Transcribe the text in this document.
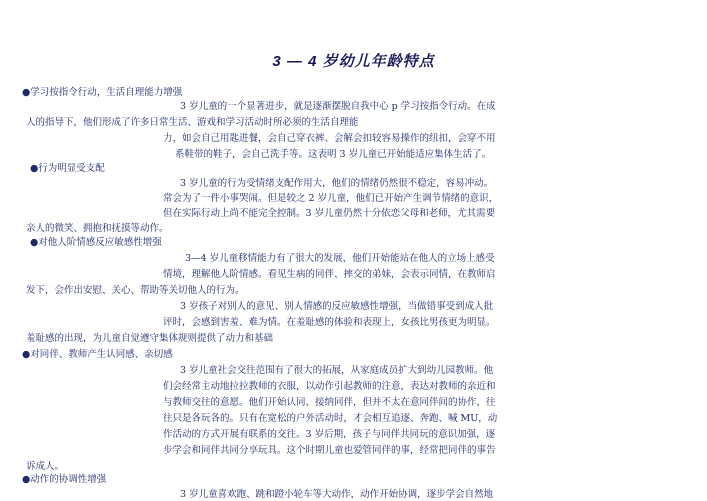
3 — 4 岁幼儿年龄特点
●学习按指令行动，生活自理能力增强
3 岁儿童的一个显著进步，就是逐渐摆脱自我中心 p 学习按指令行动。在成
人的指导下，他们形成了许多日常生活、游戏和学习活动时所必须的生活自理能
力，如会自己用匙进餐，会自己穿衣裤、会解会扣较容易操作的纽扣，会穿不用
系鞋带的鞋子，会自己洗手等。这表明 3 岁儿童已开始能适应集体生活了。
●行为明显受支配
3 岁儿童的行为受情绪支配作用大，他们的情绪仍然很不稳定，容易冲动。
常会为了一件小事哭闹。但是较之 2 岁儿童，他们已开始产生调节情绪的意识，
但在实际行动上尚不能完全控制。3 岁儿童仍然十分依恋父母和老师，尤其需要
亲人的微笑、拥抱和抚摸等动作。
●对他人阶情感反应敏感性增强
3—4 岁儿童移情能力有了很大的发展，他们开始能站在他人的立场上感受
情境，理解他人阶情感。看见生病的同伴、摔交的弟妹，会表示同情，在教师启
发下，会作出安慰、关心、帮助等关切他人的行为。
3 岁孩子对别人的意见、别人情感的反应敏感性增强，当做错事受到成人批
评时，会感到害羞、难为情。在羞耻感的体验和表现上，女孩比男孩更为明显。
羞耻感的出现，为儿童自觉遵守集体规则提供了动力和基础
●对同伴、教师产生认同感、亲切感
3 岁儿童社会交往范围有了很大的拓展，从家庭成员扩大到幼儿园教师。他
们会经常主动地拉拉教师的衣服，以动作引起教师的注意，表达对教师的亲近和
与教师交往的意愿。他们开始认同、接纳同伴，但并不太在意同伴间的协作，往
往只是各玩各的。只有在宽松的户外活动时，才会相互追逐、奔跑、喊 MU，动
作活动的方式开展有联系的交往。3 岁后期，孩子与同伴共同玩的意识加强，逐
步学会和同伴共同分享玩具。这个时期儿童也爱管同伴的事，经常把同伴的事告
诉成人。
●动作的协调性增强
3 岁儿童喜欢跑、跳和蹬小轮车等大动作，动作开始协调，逐步学会自然地
